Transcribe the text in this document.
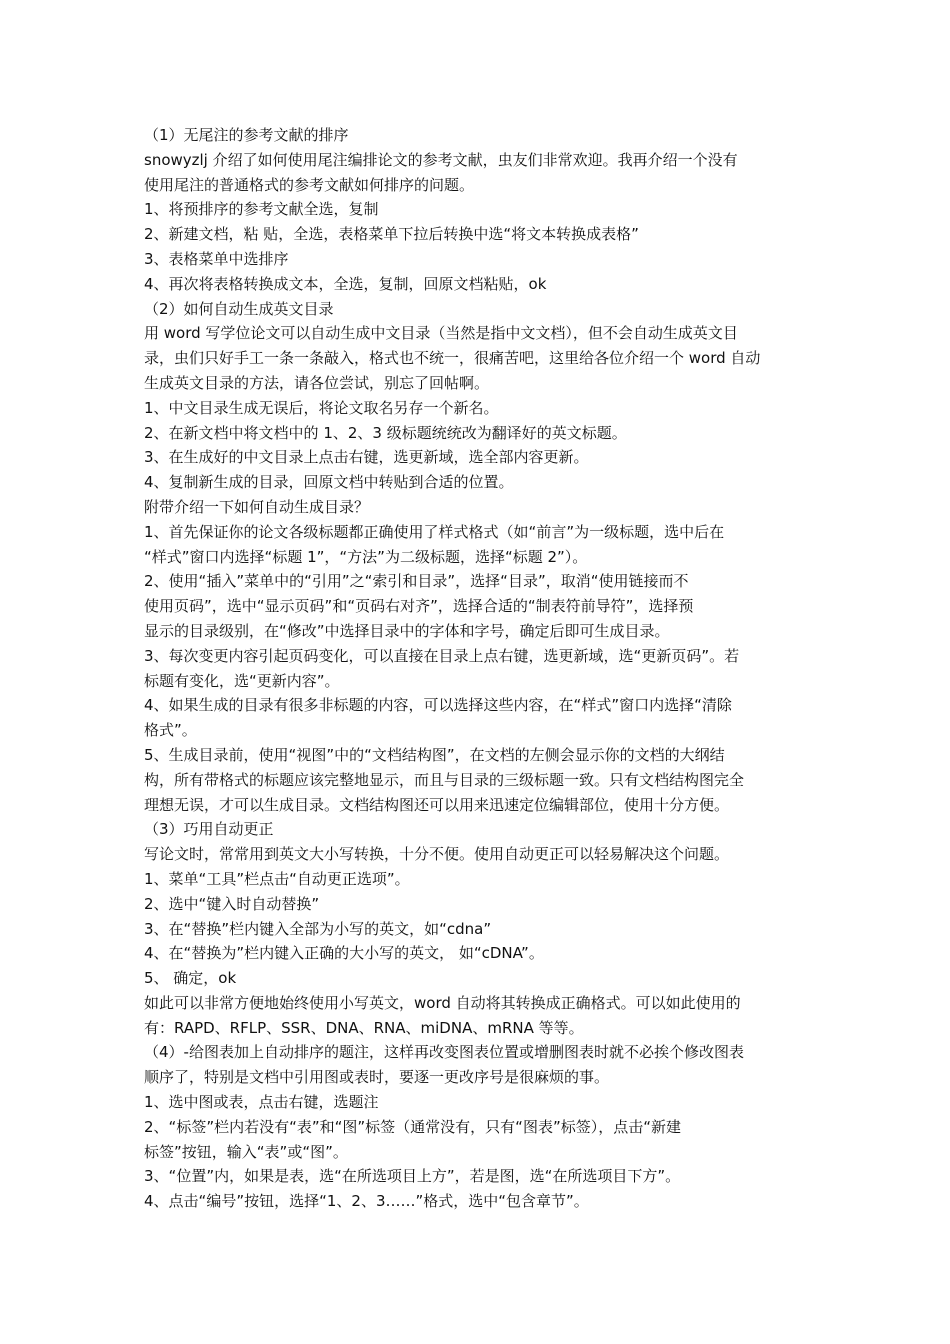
（1）无尾注的参考文献的排序
snowyzlj 介绍了如何使用尾注编排论文的参考文献，虫友们非常欢迎。我再介绍一个没有
使用尾注的普通格式的参考文献如何排序的问题。
1、将预排序的参考文献全选，复制
2、新建文档，粘 贴，全选，表格菜单下拉后转换中选“将文本转换成表格”
3、表格菜单中选排序
4、再次将表格转换成文本，全选，复制，回原文档粘贴，ok
（2）如何自动生成英文目录
用 word 写学位论文可以自动生成中文目录（当然是指中文文档），但不会自动生成英文目
录，虫们只好手工一条一条敲入，格式也不统一，很痛苦吧，这里给各位介绍一个 word 自动
生成英文目录的方法，请各位尝试，别忘了回帖啊。
1、中文目录生成无误后，将论文取名另存一个新名。
2、在新文档中将文档中的 1、2、3 级标题统统改为翻译好的英文标题。
3、在生成好的中文目录上点击右键，选更新域，选全部内容更新。
4、复制新生成的目录，回原文档中转贴到合适的位置。
附带介绍一下如何自动生成目录？
1、首先保证你的论文各级标题都正确使用了样式格式（如“前言”为一级标题，选中后在
“样式”窗口内选择“标题 1”，“方法”为二级标题，选择“标题 2”）。
2、使用“插入”菜单中的“引用”之“索引和目录”，选择“目录”，取消“使用链接而不
使用页码”，选中“显示页码”和“页码右对齐”，选择合适的“制表符前导符”，选择预
显示的目录级别，在“修改”中选择目录中的字体和字号，确定后即可生成目录。
3、每次变更内容引起页码变化，可以直接在目录上点右键，选更新域，选“更新页码”。若
标题有变化，选“更新内容”。
4、如果生成的目录有很多非标题的内容，可以选择这些内容，在“样式”窗口内选择“清除
格式”。
5、生成目录前，使用“视图”中的“文档结构图”，在文档的左侧会显示你的文档的大纲结
构，所有带格式的标题应该完整地显示，而且与目录的三级标题一致。只有文档结构图完全
理想无误，才可以生成目录。文档结构图还可以用来迅速定位编辑部位，使用十分方便。
（3）巧用自动更正
写论文时，常常用到英文大小写转换，十分不便。使用自动更正可以轻易解决这个问题。
1、菜单“工具”栏点击“自动更正选项”。
2、选中“键入时自动替换”
3、在“替换”栏内键入全部为小写的英文，如“cdna”
4、在“替换为”栏内键入正确的大小写的英文， 如“cDNA”。
5、 确定，ok
如此可以非常方便地始终使用小写英文，word 自动将其转换成正确格式。可以如此使用的
有：RAPD、RFLP、SSR、DNA、RNA、miDNA、mRNA 等等。
（4）-给图表加上自动排序的题注，这样再改变图表位置或增删图表时就不必挨个修改图表
顺序了，特别是文档中引用图或表时，要逐一更改序号是很麻烦的事。
1、选中图或表，点击右键，选题注
2、“标签”栏内若没有“表”和“图”标签（通常没有，只有“图表”标签），点击“新建
标签”按钮，输入“表”或“图”。
3、“位置”内，如果是表，选“在所选项目上方”，若是图，选“在所选项目下方”。
4、点击“编号”按钮，选择“1、2、3……”格式，选中“包含章节”。
